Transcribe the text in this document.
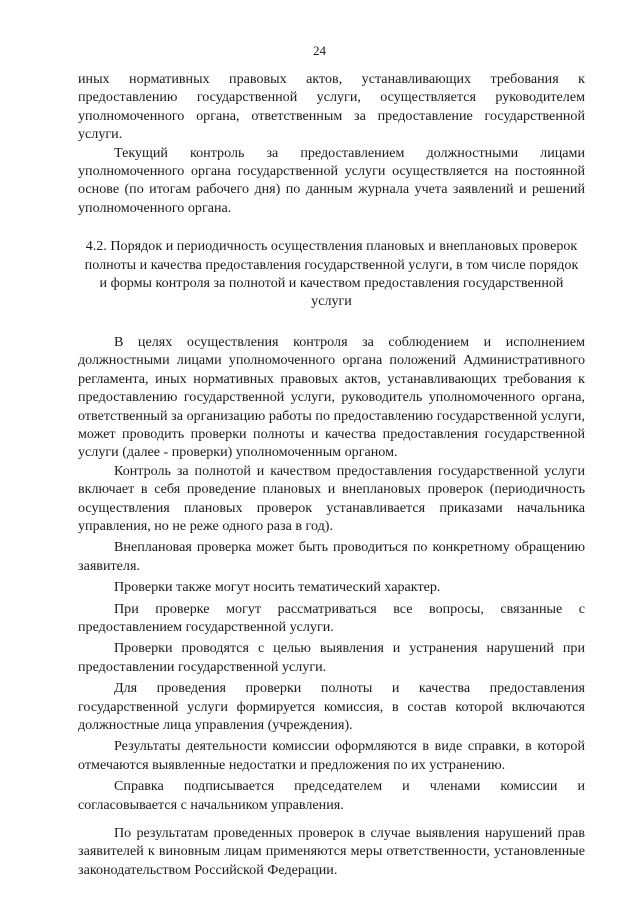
24

иных нормативных правовых актов, устанавливающих требования к предоставлению государственной услуги, осуществляется руководителем уполномоченного органа, ответственным за предоставление государственной услуги.

Текущий контроль за предоставлением должностными лицами уполномоченного органа государственной услуги осуществляется на постоянной основе (по итогам рабочего дня) по данным журнала учета заявлений и решений уполномоченного органа.

4.2. Порядок и периодичность осуществления плановых и внеплановых проверок полноты и качества предоставления государственной услуги, в том числе порядок и формы контроля за полнотой и качеством предоставления государственной услуги

В целях осуществления контроля за соблюдением и исполнением должностными лицами уполномоченного органа положений Административного регламента, иных нормативных правовых актов, устанавливающих требования к предоставлению государственной услуги, руководитель уполномоченного органа, ответственный за организацию работы по предоставлению государственной услуги, может проводить проверки полноты и качества предоставления государственной услуги (далее - проверки) уполномоченным органом.

Контроль за полнотой и качеством предоставления государственной услуги включает в себя проведение плановых и внеплановых проверок (периодичность осуществления плановых проверок устанавливается приказами начальника управления, но не реже одного раза в год).

Внеплановая проверка может быть проводиться по конкретному обращению заявителя.

Проверки также могут носить тематический характер.

При проверке могут рассматриваться все вопросы, связанные с предоставлением государственной услуги.

Проверки проводятся с целью выявления и устранения нарушений при предоставлении государственной услуги.

Для проведения проверки полноты и качества предоставления государственной услуги формируется комиссия, в состав которой включаются должностные лица управления (учреждения).

Результаты деятельности комиссии оформляются в виде справки, в которой отмечаются выявленные недостатки и предложения по их устранению.

Справка подписывается председателем и членами комиссии и согласовывается с начальником управления.

По результатам проведенных проверок в случае выявления нарушений прав заявителей к виновным лицам применяются меры ответственности, установленные законодательством Российской Федерации.
